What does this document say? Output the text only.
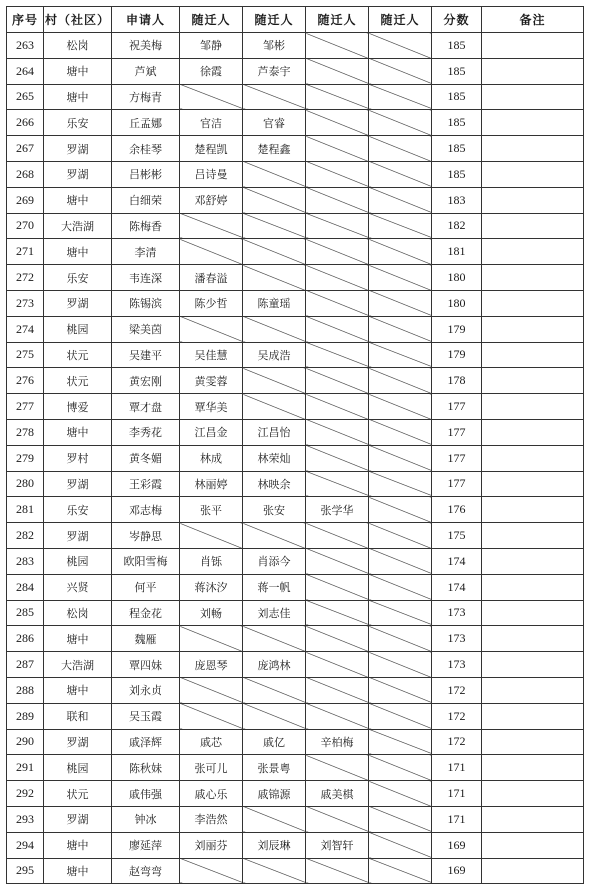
序号	村（社区）	申请人	随迁人	随迁人	随迁人	随迁人	分数	备注
263	松岗	祝美梅	邹静	邹彬			185	
264	塘中	芦斌	徐霞	芦泰宇			185	
265	塘中	方梅青					185	
266	乐安	丘孟娜	官洁	官睿			185	
267	罗湖	余桂琴	楚程凯	楚程鑫			185	
268	罗湖	吕彬彬	吕诗曼				185	
269	塘中	白细荣	邓舒婷				183	
270	大浩湖	陈梅香					182	
271	塘中	李清					181	
272	乐安	韦连深	潘春溢				180	
273	罗湖	陈锡滨	陈少哲	陈童瑶			180	
274	桃园	梁美茵					179	
275	状元	吴建平	吴佳慧	吴成浩			179	
276	状元	黄宏刚	黄雯蓉				178	
277	博爱	覃才盘	覃华美				177	
278	塘中	李秀花	江昌金	江昌怡			177	
279	罗村	黄冬媚	林成	林荣灿			177	
280	罗湖	王彩霞	林丽婷	林映余			177	
281	乐安	邓志梅	张平	张安	张学华		176	
282	罗湖	岑静思					175	
283	桃园	欧阳雪梅	肖铄	肖添今			174	
284	兴贤	何平	蒋沐汐	蒋一帆			174	
285	松岗	程金花	刘畅	刘志佳			173	
286	塘中	魏雁					173	
287	大浩湖	覃四妹	庞恩琴	庞鸿林			173	
288	塘中	刘永贞					172	
289	联和	吴玉霞					172	
290	罗湖	戚泽辉	戚芯	戚亿	辛柏梅		172	
291	桃园	陈秋妹	张可儿	张景粤			171	
292	状元	戚伟强	戚心乐	戚锦源	戚美棋		171	
293	罗湖	钟冰	李浩然				171	
294	塘中	廖延萍	刘丽芬	刘辰琳	刘智轩		169	
295	塘中	赵弯弯					169	
